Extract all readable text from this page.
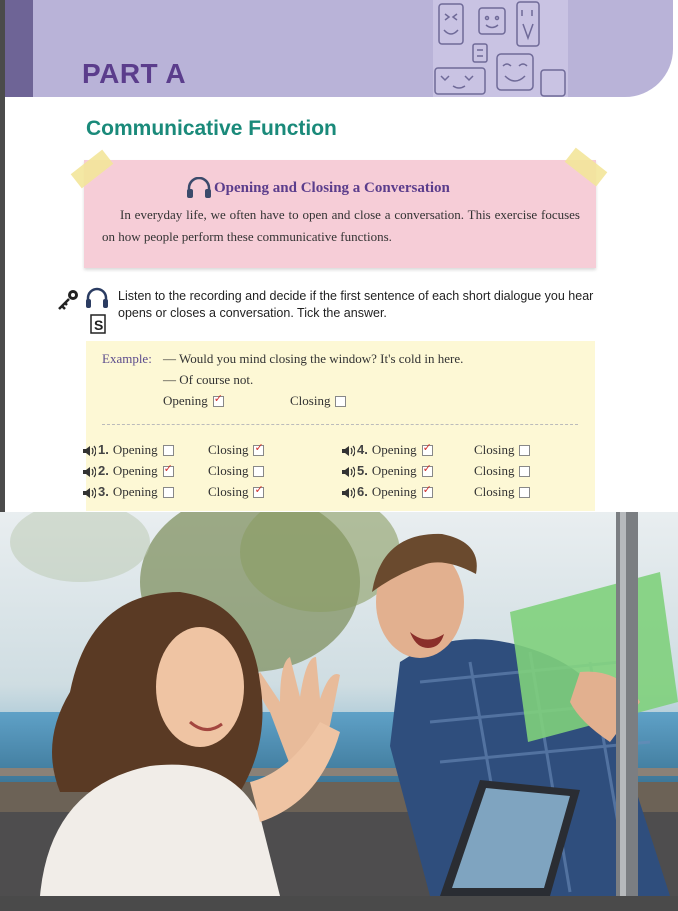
PART A
Communicative Function
Opening and Closing a Conversation
In everyday life, we often have to open and close a conversation. This exercise focuses on how people perform these communicative functions.
S
Listen to the recording and decide if the first sentence of each short dialogue you hear opens or closes a conversation. Tick the answer.
Example: — Would you mind closing the window? It's cold in here.
— Of course not.
Opening ✓	Closing
1. Opening	Closing✓
2. Opening ✓	Closing
3. Opening	Closing✓
4. Opening ✓	Closing
5. Opening ✓	Closing
6. Opening ✓	Closing
